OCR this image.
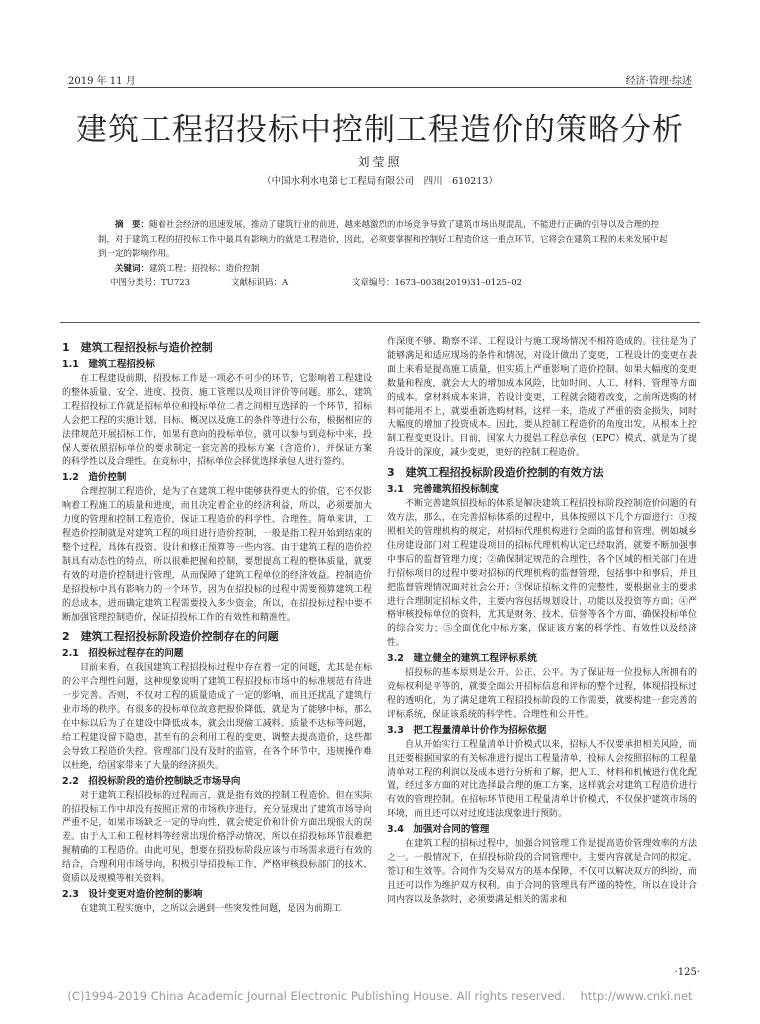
2019 年 11 月	经济·管理·综述
建筑工程招投标中控制工程造价的策略分析
刘莹照
（中国水利水电第七工程局有限公司　四川　610213）

摘　要：随着社会经济的迅速发展，推动了建筑行业的前进，越来越激烈的市场竞争导致了建筑市场出现混乱，不能进行正确的引导以及合理的控制，对于建筑工程的招投标工作中最具有影响力的就是工程造价，因此，必须要掌握和控制好工程造价这一重点环节，它将会在建筑工程的未来发展中起到一定的影响作用。

关键词：建筑工程；招投标；造价控制

中图分类号：TU723	文献标识码：A	文章编号：1673–0038(2019)31–0125–02
1　建筑工程招投标与造价控制
1.1　建筑工程招投标

在工程建设前期，招投标工作是一项必不可少的环节，它影响着工程建设的整体质量、安全、进度、投资、施工管理以及项目评价等问题。那么，建筑工程招投标工作就是招标单位和投标单位二者之间相互选择的一个环节，招标人会把工程的实施计划、目标、概况以及施工的条件等进行公布，根据相应的法律规范开展招标工作，如果有意向的投标单位，就可以参与到竞标中来，投保人要依照招标单位的要求制定一套完善的投标方案（含造价），并保证方案的科学性以及合理性。在竞标中，招标单位会择优选择承包人进行签约。

1.2　造价控制

合理控制工程造价，是为了在建筑工程中能够获得更大的价值，它不仅影响着工程施工的质量和进度，而且决定着企业的经济利益，所以，必须要加大力度的管理和控制工程造价，保证工程造价的科学性、合理性。简单来讲，工程造价控制就是对建筑工程的项目进行造价控制，一般是指工程开始到结束的整个过程，具体有投资、设计和修正预算等一些内容。由于建筑工程的造价控制具有动态性的特点，所以很难把握和控制，要想提高工程的整体质量，就要有效的对造价控制进行管理，从而保障了建筑工程单位的经济效益。控制造价是招投标中具有影响力的一个环节，因为在招投标的过程中需要预算建筑工程的总成本，进而确定建筑工程需要投入多少资金，所以，在招投标过程中要不断加强管理控制造价，保证招投标工作的有效性和精准性。

2　建筑工程招投标阶段造价控制存在的问题
2.1　招投标过程存在的问题

目前来看，在我国建筑工程招投标过程中存在着一定的问题，尤其是在标的公平合理性问题，这种现象说明了建筑工程招投标市场中的标准规范有待进一步完善。否则，不仅对工程的质量造成了一定的影响，而且还扰乱了建筑行业市场的秩序。有很多的投标单位故意把报价降低，就是为了能够中标，那么在中标以后为了在建设中降低成本，就会出现偷工减料、质量不达标等问题，给工程建设留下隐患，甚至有的会利用工程的变更、调整去提高造价，这些都会导致工程造价失控。管理部门没有及时的监管，在各个环节中，违规操作难以杜绝，给国家带来了大量的经济损失。

2.2　招投标阶段的造价控制缺乏市场导向

对于建筑工程招投标的过程而言，就是指有效的控制工程造价。但在实际的招投标工作中却没有按照正常的市场秩序进行，充分显现出了建筑市场导向严重不足，如果市场缺乏一定的导向性，就会使定价和计价方面出现很大的误差。由于人工和工程材料等经常出现价格浮动情况，所以在招投标环节很难把握精确的工程造价。由此可见，想要在招投标阶段应该与市场需求进行有效的结合，合理利用市场导向，积极引导招投标工作，严格审核投标部门的技术、资质以及规模等相关资料。

2.3　设计变更对造价控制的影响

在建筑工程实施中，之所以会遇到一些突发性问题，是因为前期工

作深度不够、勘察不详、工程设计与施工现场情况不相符造成的。往往是为了能够满足和适应现场的条件和情况，对设计做出了变更，工程设计的变更在表面上来看是提高施工质量，但实质上严重影响了造价控制。如果大幅度的变更数量和程度，就会大大的增加成本风险，比如时间、人工、材料、管理等方面的成本。拿材料成本来讲，若设计变更，工程就会随着改变，之前所选购的材料可能用不上，就要重新选购材料，这样一来，造成了严重的资金损失，同时大幅度的增加了投资成本。因此，要从控制工程造价的角度出发，从根本上控制工程变更设计。目前，国家大力提倡工程总承包（EPC）模式，就是为了提升设计的深度，减少变更，更好的控制工程造价。

3　建筑工程招投标阶段造价控制的有效方法
3.1　完善建筑招投标制度

不断完善建筑招投标的体系是解决建筑工程招投标阶段控制造价问题的有效方法，那么，在完善招标体系的过程中，具体按照以下几个方面进行：①按照相关的管理机构的规定，对招标代理机构进行全面的监督和管理。例如城乡住房建设部门对工程建设项目的招标代理机构认定已经取消，就要不断加强事中事后的监督管理力度；②确保制定规范的合理性，各个区域的相关部门在进行招标项目的过程中要对招标的代理机构的监督管理，包括事中和事后，并且把监督管理情况面对社会公开；③保证招标文件的完整性，要根据业主的要求进行合理制定招标文件，主要内容包括规划设计、功能以及投资等方面；④严格审核投标单位的资料，尤其是财务、技术、信誉等各个方面，确保投标单位的综合实力；⑤全面优化中标方案，保证该方案的科学性、有效性以及经济性。

3.2　建立健全的建筑工程评标系统

招投标的基本原则是公开、公正、公平。为了保证每一位投标人所拥有的竞标权利是平等的，就要全面公开招标信息和评标的整个过程，体现招投标过程的透明化，为了满足建筑工程招投标阶段的工作需要，就要构建一套完善的评标系统，保证该系统的科学性、合理性和公开性。

3.3　把工程量清单计价作为招标依据

自从开始实行工程量清单计价模式以来，招标人不仅要承担相关风险，而且还要根据国家的有关标准进行提出工程量清单，投标人会按照招标的工程量清单对工程的利润以及成本进行分析和了解，把人工、材料和机械进行优化配置，经过多方面的对比选择最合理的施工方案，这样就会对建筑工程造价进行有效的管理控制。在招标环节使用工程量清单计价模式，不仅保护建筑市场的环境，而且还可以对过度违法现象进行预防。

3.4　加强对合同的管理

在建筑工程的招标过程中，加强合同管理工作是提高造价管理效率的方法之一。一般情况下，在招投标阶段的合同管理中，主要内容就是合同的拟定、签订和生效等。合同作为交易双方的基本保障，不仅可以解决双方的纠纷，而且还可以作为维护双方权利。由于合同的管理具有严谨的特性，所以在设计合同内容以及条款时，必须要满足相关的需求和

·125·
(C)1994-2019 China Academic Journal Electronic Publishing House. All rights reserved.　 http://www.cnki.net
